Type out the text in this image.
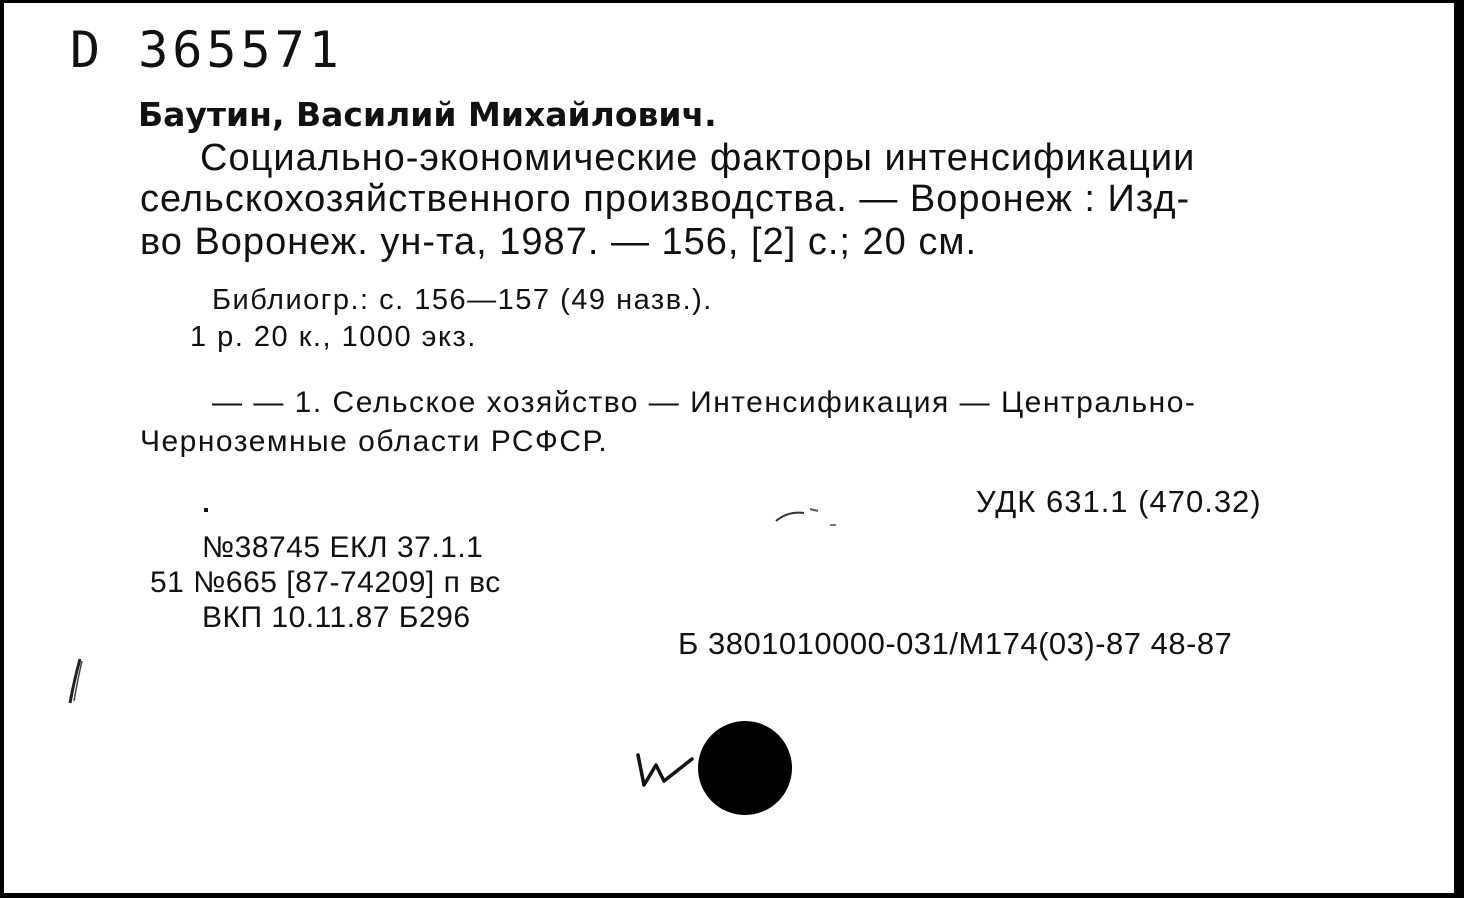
D 365571
Баутин, Василий Михайлович.
Социально-экономические факторы интенсификации
сельскохозяйственного производства. — Воронеж : Изд-
во Воронеж. ун-та, 1987. — 156, [2] с.; 20 см.
Библиогр.: с. 156—157 (49 назв.).
1 р. 20 к., 1000 экз.
— — 1. Сельское хозяйство — Интенсификация — Центрально-
Черноземные области РСФСР.
УДК 631.1 (470.32)
№38745 ЕКЛ 37.1.1
51 №665 [87-74209] п вс
ВКП 10.11.87 Б296
Б 3801010000-031/М174(03)-87 48-87
